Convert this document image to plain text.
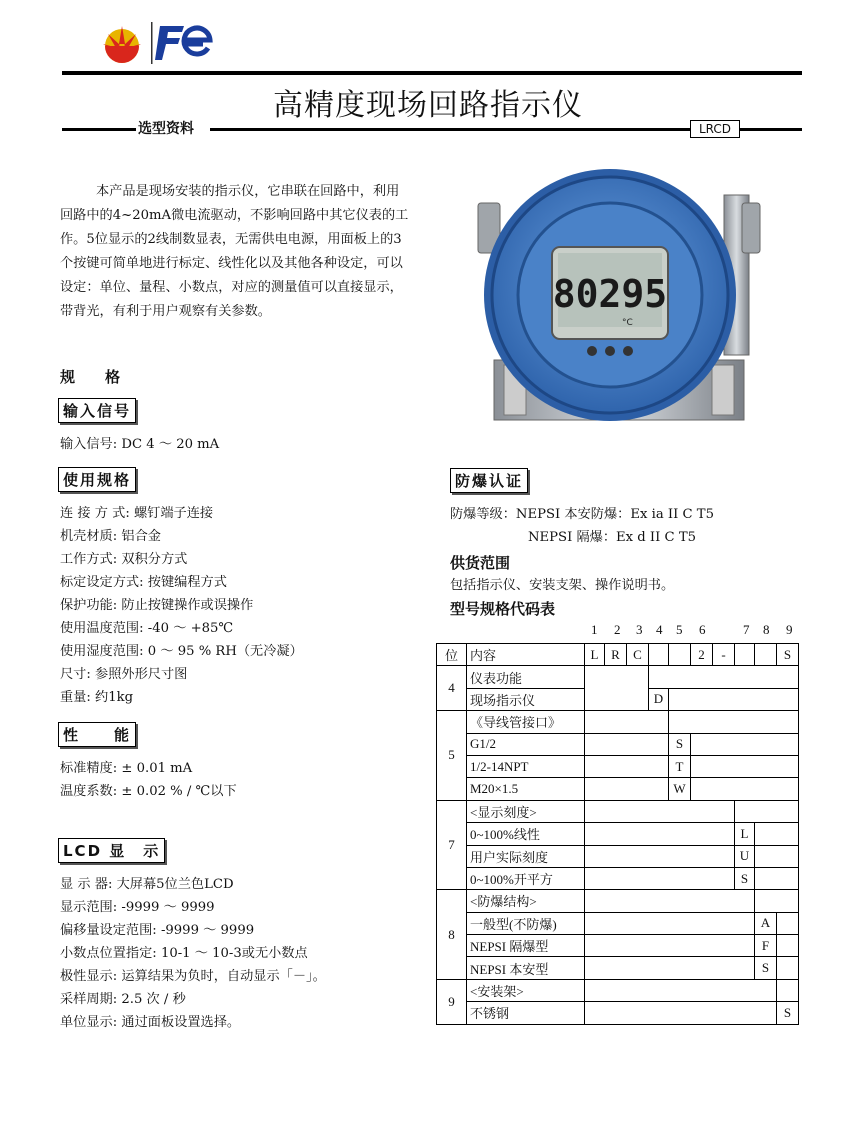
高精度现场回路指示仪
选型资料	LRCD
本产品是现场安装的指示仪，它串联在回路中，利用回路中的4~20mA微电流驱动，不影响回路中其它仪表的工作。5位显示的2线制数显表，无需供电电源，用面板上的3个按键可简单地进行标定、线性化以及其他各种设定，可以设定：单位、量程、小数点，对应的测量值可以直接显示，带背光，有利于用户观察有关参数。
规　　格
输入信号
输入信号: DC 4 ～ 20 mA
使用规格
连 接 方 式: 螺钉端子连接
机壳材质: 铝合金
工作方式: 双积分方式
标定设定方式: 按键编程方式
保护功能: 防止按键操作或误操作
使用温度范围: -40 ～ +85℃
使用湿度范围: 0 ～ 95 % RH（无冷凝）
尺寸: 参照外形尺寸图
重量: 约1kg
性　　能
标准精度: ± 0.01 mA
温度系数: ± 0.02 % / ℃以下
LCD 显　示
显 示 器: 大屏幕5位兰色LCD
显示范围: -9999 ～ 9999
偏移量设定范围: -9999 ～ 9999
小数点位置指定: 10-1 ～ 10-3或无小数点
极性显示: 运算结果为负时，自动显示「－」。
采样周期: 2.5 次 / 秒
单位显示: 通过面板设置选择。
80295
°C
防爆认证
防爆等级：NEPSI 本安防爆：Ex ia II C T5
NEPSI 隔爆：Ex d II C T5
供货范围
包括指示仪、安装支架、操作说明书。
型号规格代码表
1 2 3 4 5 6	7 8 9
位	内容	L	R	C			2	-			S
4	仪表功能										
	现场指示仪				D						
5	《导线管接口》										
	G1/2					S					
	1/2-14NPT					T					
	M20×1.5					W					
7	<显示刻度>										
	0~100%线性								L		
	用户实际刻度								U		
	0~100%开平方								S		
8	<防爆结构>										
	一般型(不防爆)									A	
	NEPSI 隔爆型									F	
	NEPSI 本安型									S	
9	<安装架>										
	不锈钢										S
